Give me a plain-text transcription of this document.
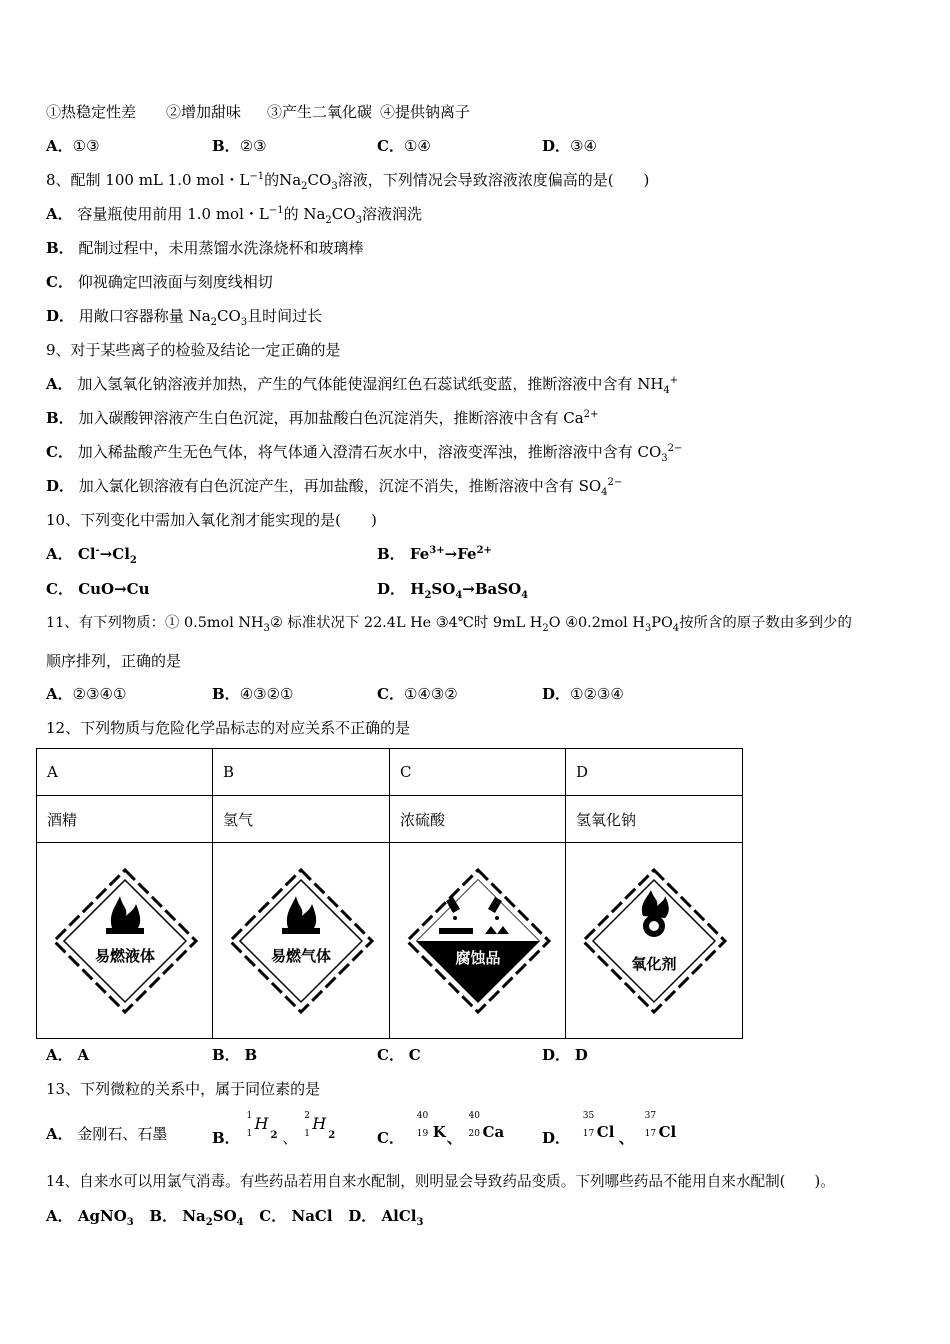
①热稳定性差 ②增加甜味 ③产生二氧化碳 ④提供钠离子
A．①③	B．②③	C．①④	D．③④
8、配制 100 mL 1.0 mol・$L^{-1}$的$Na_2CO_3$溶液，下列情况会导致溶液浓度偏高的是(　　)
A． 容量瓶使用前用 1.0 mol・$L^{-1}$的 $Na_2CO_3$溶液润洗
B． 配制过程中，未用蒸馏水洗涤烧杯和玻璃棒
C． 仰视确定凹液面与刻度线相切
D． 用敞口容器称量 $Na_2CO_3$且时间过长
9、对于某些离子的检验及结论一定正确的是
A． 加入氢氧化钠溶液并加热，产生的气体能使湿润红色石蕊试纸变蓝，推断溶液中含有 $NH_4^+$
B． 加入碳酸钾溶液产生白色沉淀，再加盐酸白色沉淀消失，推断溶液中含有 $Ca^{2+}$
C． 加入稀盐酸产生无色气体，将气体通入澄清石灰水中，溶液变浑浊，推断溶液中含有 $CO_3^{2-}$
D． 加入氯化钡溶液有白色沉淀产生，再加盐酸，沉淀不消失，推断溶液中含有 $SO_4^{2-}$
10、下列变化中需加入氧化剂才能实现的是(　　)
A． $Cl^-\to Cl_2$	B． $Fe^{3+}\to Fe^{2+}$
C． CuO→Cu	D． $H_2SO_4\to BaSO_4$
11、有下列物质：① 0.5mol $NH_3②$ 标准状况下 22.4L He ③4℃时 9mL $H_2O$ ④0.2mol $H_3PO_4$按所含的原子数由多到少的
顺序排列，正确的是
A．②③④①	B．④③②①	C．①④③②	D．①②③④
12、下列物质与危险化学品标志的对应关系不正确的是
A	B	C	D
酒精	氢气	浓硫酸	氢氧化钠

易燃液体	易燃气体	腐蚀品	氧化剂
A． A	B． B	C． C	D． D
13、下列微粒的关系中，属于同位素的是
A． 金刚石、石墨	B．
1
1
H
2 、
2
1
H
2	C．
40
19 K 、
40
20 Ca	D．
35
17 Cl 、
37
17 Cl
14、自来水可以用氯气消毒。有些药品若用自来水配制，则明显会导致药品变质。下列哪些药品不能用自来水配制(　　)。
A． AgNO$_3$ B． $Na_2SO_4$ C． NaCl D． AlCl$_3$
